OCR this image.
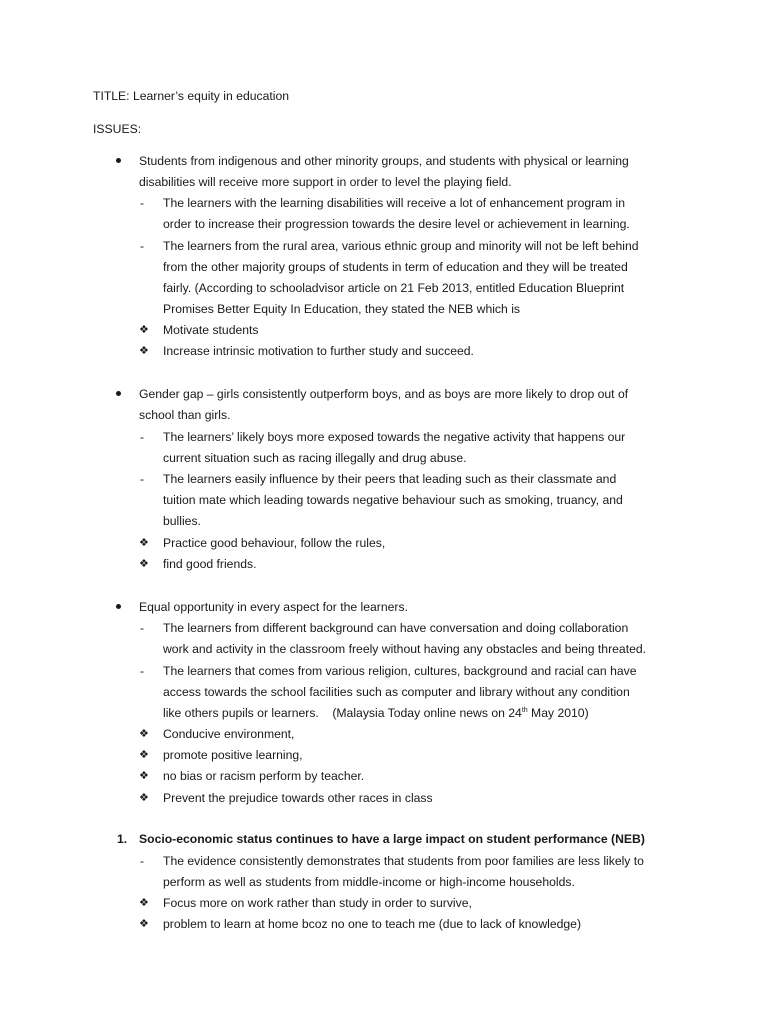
TITLE: Learner’s equity in education
ISSUES:
Students from indigenous and other minority groups, and students with physical or learning
disabilities will receive more support in order to level the playing field.
- The learners with the learning disabilities will receive a lot of enhancement program in
order to increase their progression towards the desire level or achievement in learning.
- The learners from the rural area, various ethnic group and minority will not be left behind
from the other majority groups of students in term of education and they will be treated
fairly. (According to schooladvisor article on 21 Feb 2013, entitled Education Blueprint
Promises Better Equity In Education, they stated the NEB which is
❖ Motivate students
❖ Increase intrinsic motivation to further study and succeed.
Gender gap – girls consistently outperform boys, and as boys are more likely to drop out of
school than girls.
- The learners’ likely boys more exposed towards the negative activity that happens our
current situation such as racing illegally and drug abuse.
- The learners easily influence by their peers that leading such as their classmate and
tuition mate which leading towards negative behaviour such as smoking, truancy, and
bullies.
❖ Practice good behaviour, follow the rules,
❖ find good friends.
Equal opportunity in every aspect for the learners.
- The learners from different background can have conversation and doing collaboration
work and activity in the classroom freely without having any obstacles and being threated.
- The learners that comes from various religion, cultures, background and racial can have
access towards the school facilities such as computer and library without any condition
like others pupils or learners.    (Malaysia Today online news on 24th May 2010)
❖ Conducive environment,
❖ promote positive learning,
❖ no bias or racism perform by teacher.
❖ Prevent the prejudice towards other races in class
1. Socio-economic status continues to have a large impact on student performance (NEB)
- The evidence consistently demonstrates that students from poor families are less likely to
perform as well as students from middle-income or high-income households.
❖ Focus more on work rather than study in order to survive,
❖ problem to learn at home bcoz no one to teach me (due to lack of knowledge)
